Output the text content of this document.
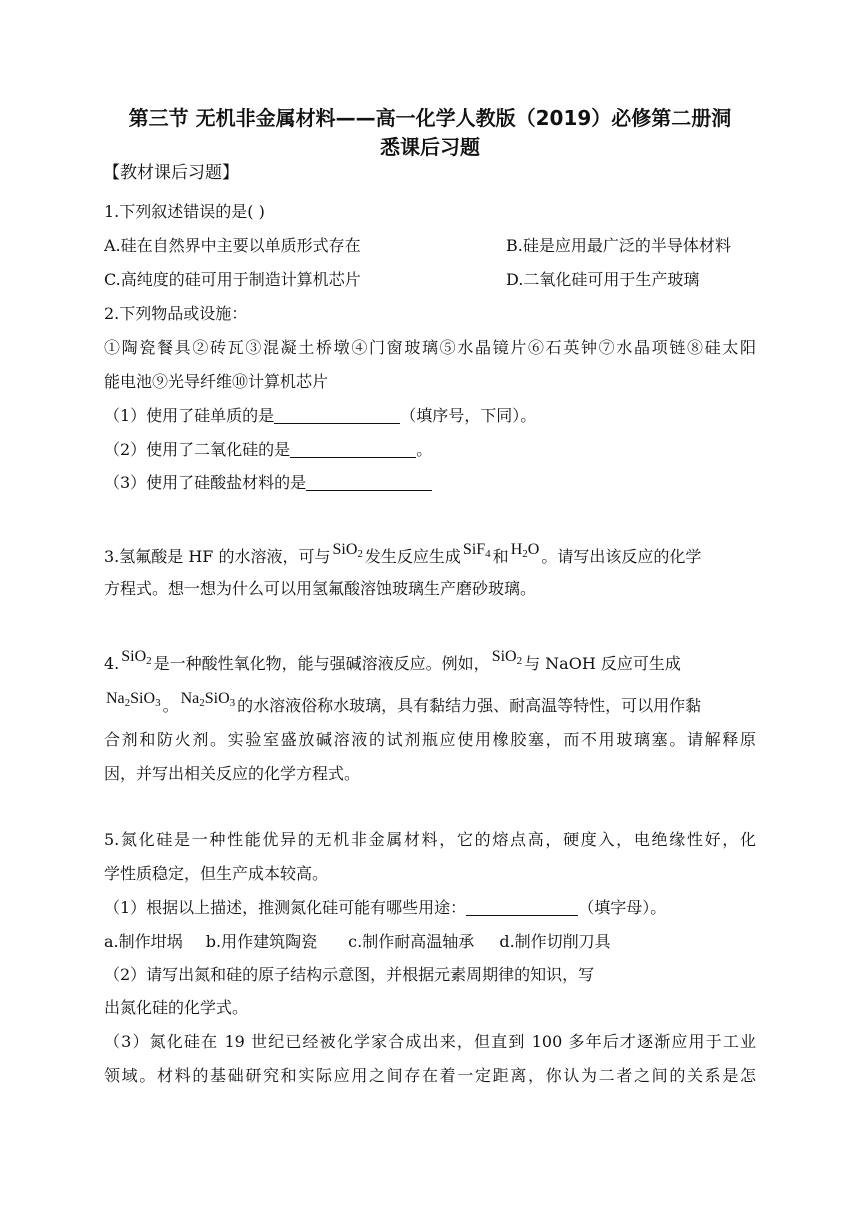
第三节 无机非金属材料——高一化学人教版（2019）必修第二册洞
悉课后习题
【教材课后习题】
1.下列叙述错误的是( )
A.硅在自然界中主要以单质形式存在	B.硅是应用最广泛的半导体材料
C.高纯度的硅可用于制造计算机芯片	D.二氧化硅可用于生产玻璃
2.下列物品或设施：
①陶瓷餐具②砖瓦③混凝土桥墩④门窗玻璃⑤水晶镜片⑥石英钟⑦水晶项链⑧硅太阳
能电池⑨光导纤维⑩计算机芯片
（1）使用了硅单质的是	（填序号，下同）。
（2）使用了二氧化硅的是	。
（3）使用了硅酸盐材料的是
3.氢氟酸是 HF 的水溶液，可与 SiO$_2$ 发生反应生成 SiF$_4$ 和 $H_2O$ 。请写出该反应的化学
方程式。想一想为什么可以用氢氟酸溶蚀玻璃生产磨砂玻璃。
4. SiO$_2$ 是一种酸性氧化物，能与强碱溶液反应。例如， SiO$_2$ 与 NaOH 反应可生成
$Na_2SiO_3$ 。 $Na_2SiO_3$ 的水溶液俗称水玻璃，具有黏结力强、耐高温等特性，可以用作黏
合剂和防火剂。实验室盛放碱溶液的试剂瓶应使用橡胶塞，而不用玻璃塞。请解释原
因，并写出相关反应的化学方程式。
5.氮化硅是一种性能优异的无机非金属材料，它的熔点高，硬度入，电绝缘性好，化
学性质稳定，但生产成本较高。
（1）根据以上描述，推测氮化硅可能有哪些用途：	（填字母）。
a.制作坩埚 b.用作建筑陶瓷 c.制作耐高温轴承 d.制作切削刀具
（2）请写出氮和硅的原子结构示意图，并根据元素周期律的知识，写
出氮化硅的化学式。
（3）氮化硅在 19 世纪已经被化学家合成出来，但直到 100 多年后才逐渐应用于工业
领域。材料的基础研究和实际应用之间存在着一定距离，你认为二者之间的关系是怎
